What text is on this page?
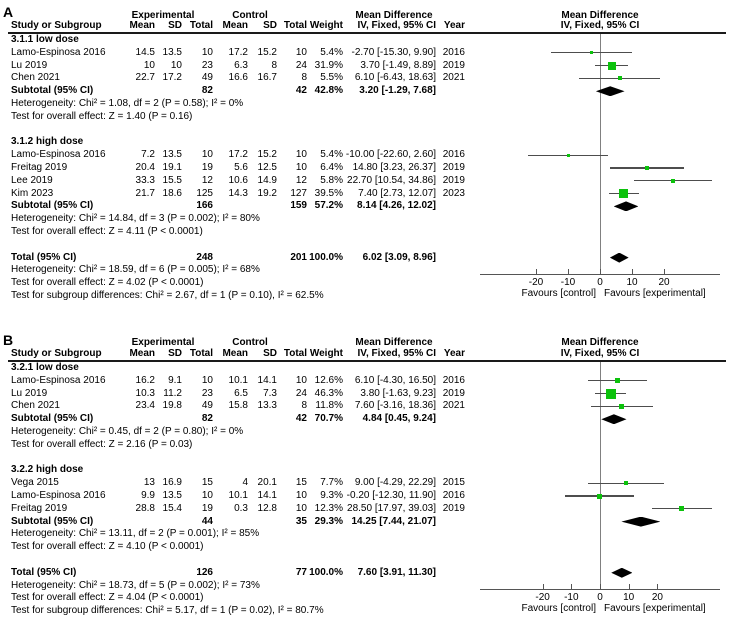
A	Experimental	Control	Mean Difference	Mean Difference
Study or Subgroup	Mean	SD Total Mean	SD Total Weight	IV, Fixed, 95% CI Year	IV, Fixed, 95% CI
3.1.1 low dose
Lamo-Espinosa 2016	14.5 13.5	10	17.2 15.2	10	5.4% -2.70 [-15.30, 9.90] 2016
Lu 2019	10	10	23	6.3	8	24 31.9%	3.70 [-1.49, 8.89] 2019
Chen 2021	22.7 17.2	49	16.6 16.7	8	5.5%	6.10 [-6.43, 18.63] 2021
Subtotal (95% CI)	82	42 42.8%	3.20 [-1.29, 7.68]
Heterogeneity: Chi² = 1.08, df = 2 (P = 0.58); I² = 0%
Test for overall effect: Z = 1.40 (P = 0.16)
3.1.2 high dose
Lamo-Espinosa 2016	7.2 13.5	10	17.2 15.2	10	5.4% -10.00 [-22.60, 2.60] 2016
Freitag 2019	20.4 19.1	19	5.6 12.5	10	6.4% 14.80 [3.23, 26.37] 2019
Lee 2019	33.3 15.5	12	10.6 14.9	12	5.8% 22.70 [10.54, 34.86] 2019
Kim 2023	21.7 18.6	125	14.3 19.2	127 39.5%	7.40 [2.73, 12.07] 2023
Subtotal (95% CI)	166	159 57.2%	8.14 [4.26, 12.02]
Heterogeneity: Chi² = 14.84, df = 3 (P = 0.002); I² = 80%
Test for overall effect: Z = 4.11 (P < 0.0001)
Total (95% CI)	248	201 100.0%	6.02 [3.09, 8.96]
Heterogeneity: Chi² = 18.59, df = 6 (P = 0.005); I² = 68%
Test for overall effect: Z = 4.02 (P < 0.0001)
Test for subgroup differences: Chi² = 2.67, df = 1 (P = 0.10), I² = 62.5%
-20	-10	0	10	20
Favours [control] Favours [experimental]
B	Experimental	Control	Mean Difference	Mean Difference
Study or Subgroup	Mean	SD Total Mean	SD Total Weight	IV, Fixed, 95% CI Year	IV, Fixed, 95% CI
3.2.1 low dose
Lamo-Espinosa 2016	16.2	9.1	10	10.1 14.1	10 12.6%	6.10 [-4.30, 16.50] 2016
Lu 2019	10.3 11.2	23	6.5	7.3	24 46.3%	3.80 [-1.63, 9.23] 2019
Chen 2021	23.4 19.8	49	15.8 13.3	8 11.8%	7.60 [-3.16, 18.36] 2021
Subtotal (95% CI)	82	42 70.7%	4.84 [0.45, 9.24]
Heterogeneity: Chi² = 0.45, df = 2 (P = 0.80); I² = 0%
Test for overall effect: Z = 2.16 (P = 0.03)
3.2.2 high dose
Vega 2015	13 16.9	15	4 20.1	15	7.7%	9.00 [-4.29, 22.29] 2015
Lamo-Espinosa 2016	9.9 13.5	10	10.1 14.1	10	9.3% -0.20 [-12.30, 11.90] 2016
Freitag 2019	28.8 15.4	19	0.3 12.8	10 12.3% 28.50 [17.97, 39.03] 2019
Subtotal (95% CI)	44	35 29.3% 14.25 [7.44, 21.07]
Heterogeneity: Chi² = 13.11, df = 2 (P = 0.001); I² = 85%
Test for overall effect: Z = 4.10 (P < 0.0001)
Total (95% CI)	126	77 100.0%	7.60 [3.91, 11.30]
Heterogeneity: Chi² = 18.73, df = 5 (P = 0.002); I² = 73%
Test for overall effect: Z = 4.04 (P < 0.0001)
Test for subgroup differences: Chi² = 5.17, df = 1 (P = 0.02), I² = 80.7%
-20	-10	0	10	20
Favours [control] Favours [experimental]
